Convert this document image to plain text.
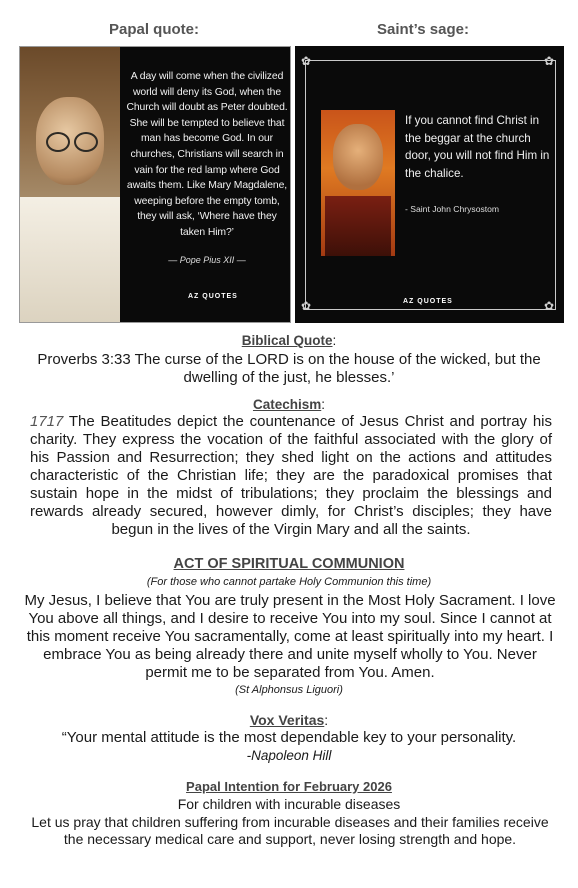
Papal quote:	Saint’s sage:
A day will come when the civilized world will deny its God, when the Church will doubt as Peter doubted. She will be tempted to believe that man has become God. In our churches, Christians will search in vain for the red lamp where God awaits them. Like Mary Magdalene, weeping before the empty tomb, they will ask, ‘Where have they taken Him?’
— Pope Pius XII —
AZ QUOTES
✿	✿
✿	✿
If you cannot find Christ in the beggar at the church door, you will not find Him in the chalice.
- Saint John Chrysostom
AZ QUOTES
Biblical Quote:
Proverbs 3:33 The curse of the LORD is on the house of the wicked, but the dwelling of the just, he blesses.’
Catechism:
1717 The Beatitudes depict the countenance of Jesus Christ and portray his charity. They express the vocation of the faithful associated with the glory of his Passion and Resurrection; they shed light on the actions and attitudes characteristic of the Christian life; they are the paradoxical promises that sustain hope in the midst of tribulations; they proclaim the blessings and rewards already secured, however dimly, for Christ’s disciples; they have begun in the lives of the Virgin Mary and all the saints.
ACT OF SPIRITUAL COMMUNION
(For those who cannot partake Holy Communion this time)
My Jesus, I believe that You are truly present in the Most Holy Sacrament. I love You above all things, and I desire to receive You into my soul. Since I cannot at this moment receive You sacramentally, come at least spiritually into my heart. I embrace You as being already there and unite myself wholly to You. Never permit me to be separated from You. Amen.
(St Alphonsus Liguori)
Vox Veritas:
“Your mental attitude is the most dependable key to your personality.
-Napoleon Hill
Papal Intention for February 2026
For children with incurable diseases
Let us pray that children suffering from incurable diseases and their families receive the necessary medical care and support, never losing strength and hope.
